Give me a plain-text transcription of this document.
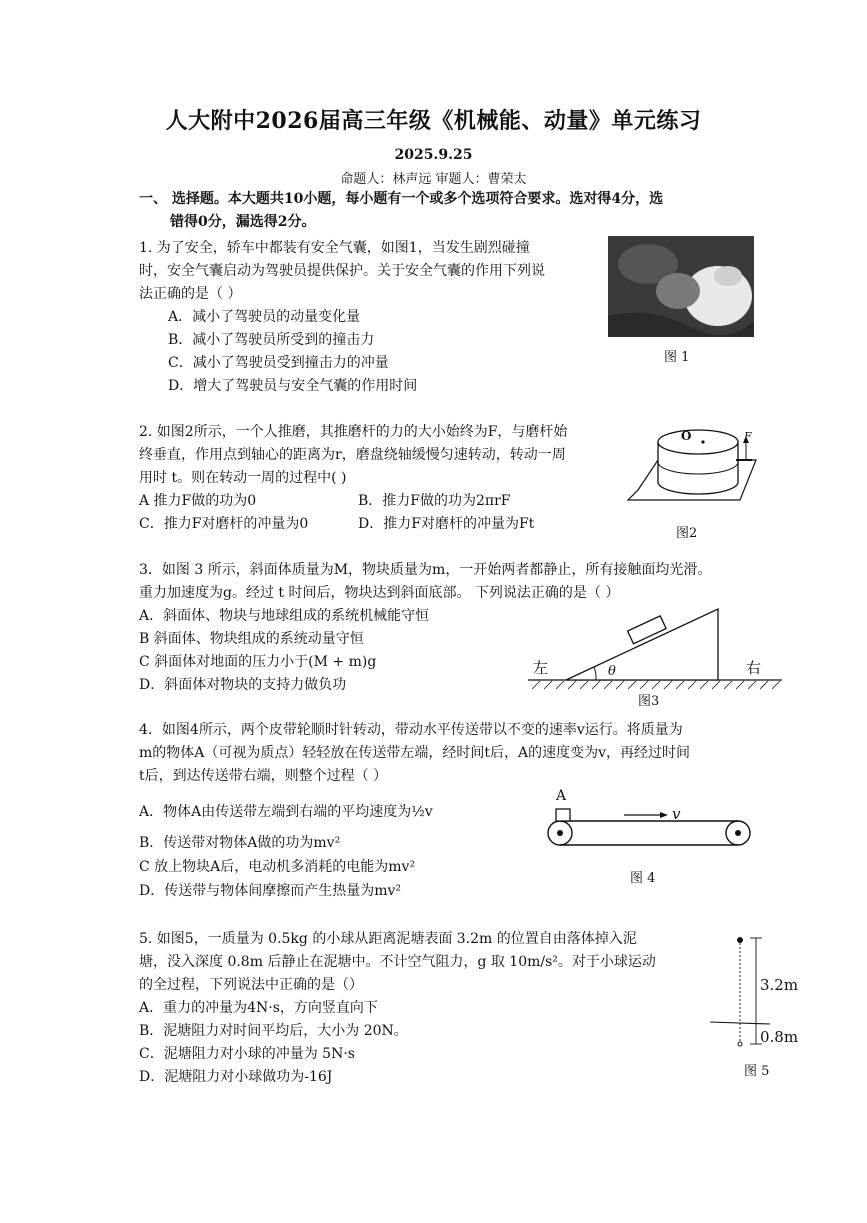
人大附中2026届高三年级《机械能、动量》单元练习
2025.9.25
命题人：林声远 审题人：曹荣太
一、 选择题。本大题共10小题，每小题有一个或多个选项符合要求。选对得4分，选
错得0分，漏选得2分。
1. 为了安全，轿车中都装有安全气囊，如图1，当发生剧烈碰撞
时，安全气囊启动为驾驶员提供保护。关于安全气囊的作用下列说
法正确的是（ ）
A．减小了驾驶员的动量变化量
B．减小了驾驶员所受到的撞击力
C．减小了驾驶员受到撞击力的冲量
D．增大了驾驶员与安全气囊的作用时间
图 1
2. 如图2所示，一个人推磨，其推磨杆的力的大小始终为F，与磨杆始
终垂直，作用点到轴心的距离为r，磨盘绕轴缓慢匀速转动，转动一周
用时 t。则在转动一周的过程中( )
A 推力F做的功为0	B．推力F做的功为2πrF
C．推力F对磨杆的冲量为0	D．推力F对磨杆的冲量为Ft
O	F
图2
3．如图 3 所示，斜面体质量为M，物块质量为m，一开始两者都静止，所有接触面均光滑。
重力加速度为g。经过 t 时间后，物块达到斜面底部。 下列说法正确的是（ ）
A．斜面体、物块与地球组成的系统机械能守恒
B 斜面体、物块组成的系统动量守恒
C 斜面体对地面的压力小于(M + m)g
D．斜面体对物块的支持力做负功
左	右
θ
图3
4．如图4所示，两个皮带轮顺时针转动，带动水平传送带以不变的速率v运行。将质量为
m的物体A（可视为质点）轻轻放在传送带左端，经时间t后，A的速度变为v，再经过时间
t后，到达传送带右端，则整个过程（ ）
A．物体A由传送带左端到右端的平均速度为½v
B．传送带对物体A做的功为mv²
C 放上物块A后，电动机多消耗的电能为mv²
D．传送带与物体间摩擦而产生热量为mv²
A
v
图 4
5. 如图5，一质量为 0.5kg 的小球从距离泥塘表面 3.2m 的位置自由落体掉入泥
塘，没入深度 0.8m 后静止在泥塘中。不计空气阻力，g 取 10m/s²。对于小球运动
的全过程，下列说法中正确的是（）
A．重力的冲量为4N·s，方向竖直向下
B．泥塘阻力对时间平均后，大小为 20N。
C．泥塘阻力对小球的冲量为 5N·s
D．泥塘阻力对小球做功为-16J
3.2m
0.8m
图 5
